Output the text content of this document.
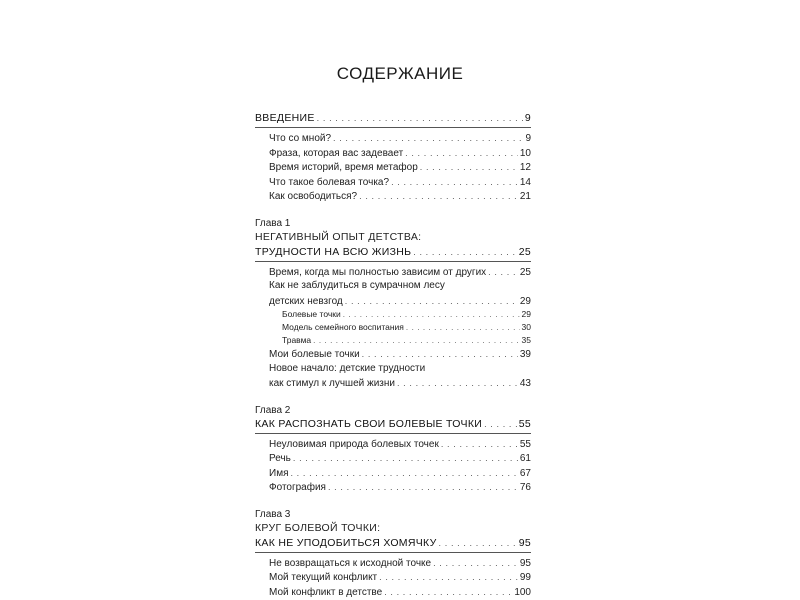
СОДЕРЖАНИЕ
ВВЕДЕНИЕ . . .	9
Что со мной? . . .	9
Фраза, которая вас задевает . . .	10
Время историй, время метафор . . .	12
Что такое болевая точка? . . .	14
Как освободиться? . . .	21
Глава 1
НЕГАТИВНЫЙ ОПЫТ ДЕТСТВА:
ТРУДНОСТИ НА ВСЮ ЖИЗНЬ . . .	25
Время, когда мы полностью зависим от других . . .	25
Как не заблудиться в сумрачном лесу
детских невзгод . . .	29
Болевые точки . . .	29
Модель семейного воспитания . . .	30
Травма . . .	35
Мои болевые точки . . .	39
Новое начало: детские трудности
как стимул к лучшей жизни . . .	43
Глава 2
КАК РАСПОЗНАТЬ СВОИ БОЛЕВЫЕ ТОЧКИ . . .	55
Неуловимая природа болевых точек . . .	55
Речь . . .	61
Имя . . .	67
Фотография . . .	76
Глава 3
КРУГ БОЛЕВОЙ ТОЧКИ:
КАК НЕ УПОДОБИТЬСЯ ХОМЯЧКУ . . .	95
Не возвращаться к исходной точке . . .	95
Мой текущий конфликт . . .	99
Мой конфликт в детстве . . .	100
